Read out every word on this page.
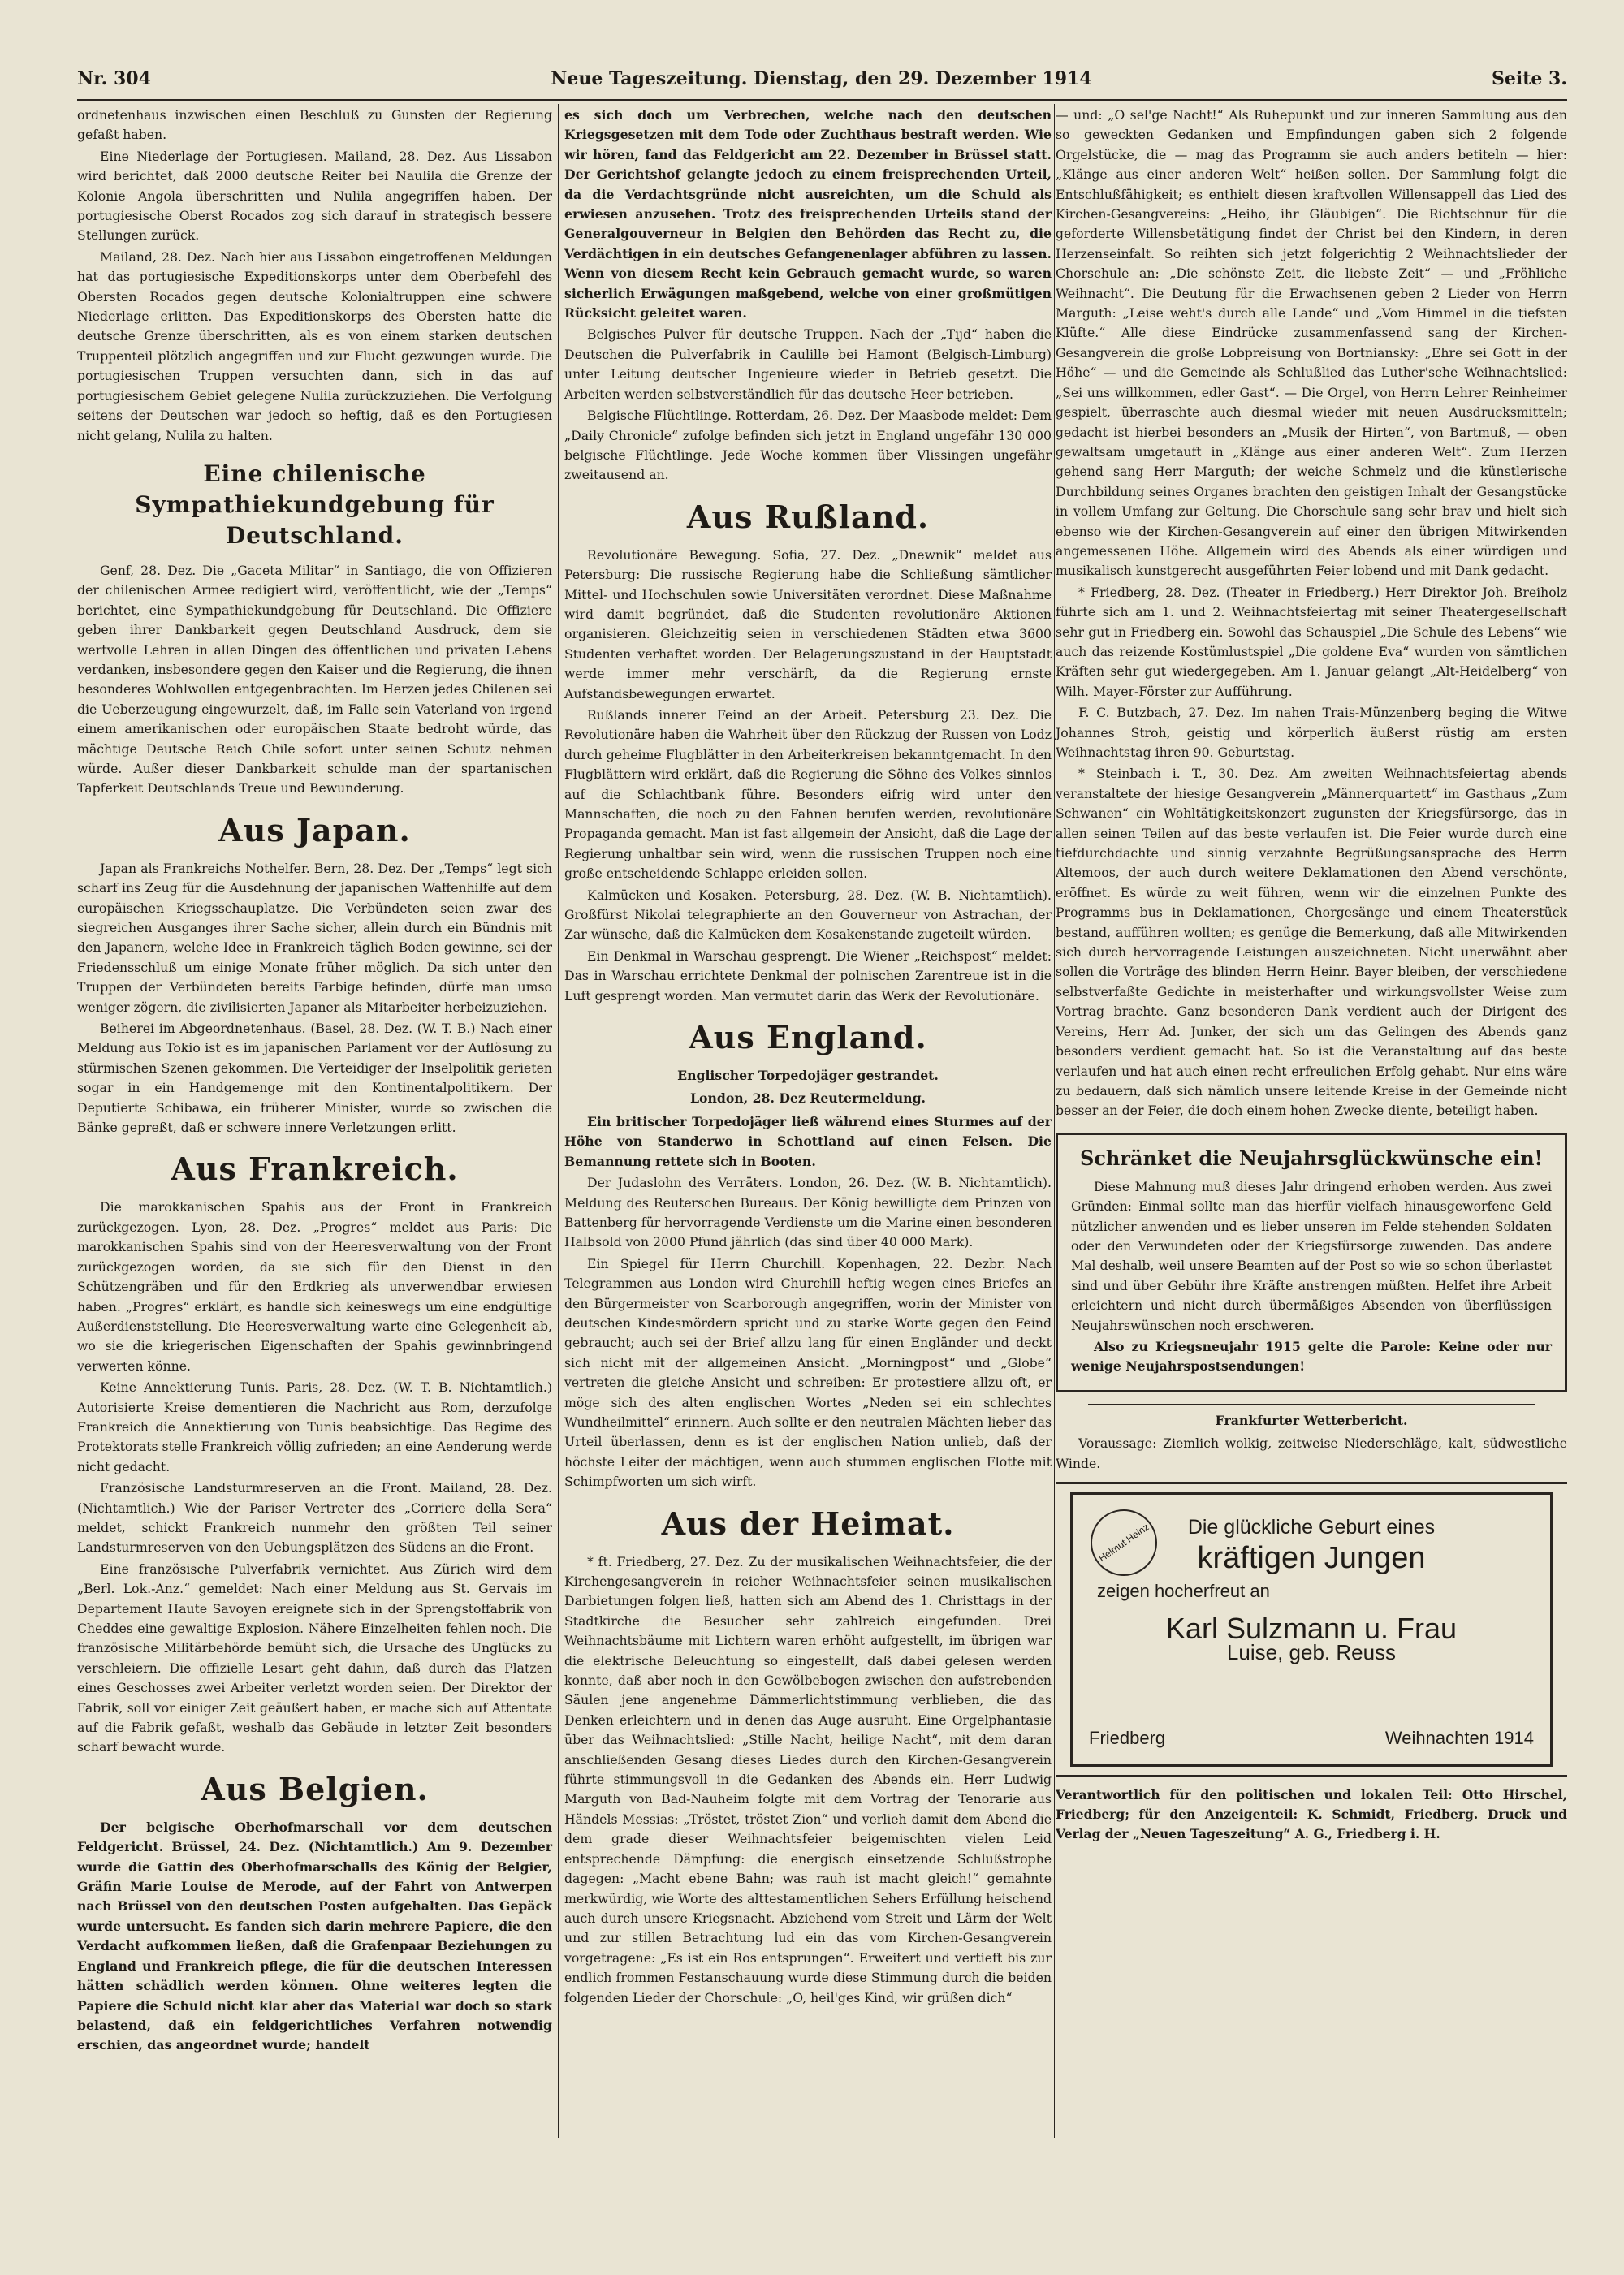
Nr. 304	Neue Tageszeitung. Dienstag, den 29. Dezember 1914	Seite 3.

ordnetenhaus inzwischen einen Beschluß zu Gunsten der Regierung gefaßt haben.

Eine Niederlage der Portugiesen. Mailand, 28. Dez. Aus Lissabon wird berichtet, daß 2000 deutsche Reiter bei Naulila die Grenze der Kolonie Angola überschritten und Nulila angegriffen haben. Der portugiesische Oberst Rocados zog sich darauf in strategisch bessere Stellungen zurück.

Mailand, 28. Dez. Nach hier aus Lissabon eingetroffenen Meldungen hat das portugiesische Expeditionskorps unter dem Oberbefehl des Obersten Rocados gegen deutsche Kolonialtruppen eine schwere Niederlage erlitten. Das Expeditionskorps des Obersten hatte die deutsche Grenze überschritten, als es von einem starken deutschen Truppenteil plötzlich angegriffen und zur Flucht gezwungen wurde. Die portugiesischen Truppen versuchten dann, sich in das auf portugiesischem Gebiet gelegene Nulila zurückzuziehen. Die Verfolgung seitens der Deutschen war jedoch so heftig, daß es den Portugiesen nicht gelang, Nulila zu halten.

Eine chilenische Sympathiekundgebung für Deutschland.

Genf, 28. Dez. Die „Gaceta Militar“ in Santiago, die von Offizieren der chilenischen Armee redigiert wird, veröffentlicht, wie der „Temps“ berichtet, eine Sympathiekundgebung für Deutschland. Die Offiziere geben ihrer Dankbarkeit gegen Deutschland Ausdruck, dem sie wertvolle Lehren in allen Dingen des öffentlichen und privaten Lebens verdanken, insbesondere gegen den Kaiser und die Regierung, die ihnen besonderes Wohlwollen entgegenbrachten. Im Herzen jedes Chilenen sei die Ueberzeugung eingewurzelt, daß, im Falle sein Vaterland von irgend einem amerikanischen oder europäischen Staate bedroht würde, das mächtige Deutsche Reich Chile sofort unter seinen Schutz nehmen würde. Außer dieser Dankbarkeit schulde man der spartanischen Tapferkeit Deutschlands Treue und Bewunderung.

Aus Japan.

Japan als Frankreichs Nothelfer. Bern, 28. Dez. Der „Temps“ legt sich scharf ins Zeug für die Ausdehnung der japanischen Waffenhilfe auf dem europäischen Kriegsschauplatze. Die Verbündeten seien zwar des siegreichen Ausganges ihrer Sache sicher, allein durch ein Bündnis mit den Japanern, welche Idee in Frankreich täglich Boden gewinne, sei der Friedensschluß um einige Monate früher möglich. Da sich unter den Truppen der Verbündeten bereits Farbige befinden, dürfe man umso weniger zögern, die zivilisierten Japaner als Mitarbeiter herbeizuziehen.

Beiherei im Abgeordnetenhaus. (Basel, 28. Dez. (W. T. B.) Nach einer Meldung aus Tokio ist es im japanischen Parlament vor der Auflösung zu stürmischen Szenen gekommen. Die Verteidiger der Inselpolitik gerieten sogar in ein Handgemenge mit den Kontinentalpolitikern. Der Deputierte Schibawa, ein früherer Minister, wurde so zwischen die Bänke gepreßt, daß er schwere innere Verletzungen erlitt.

Aus Frankreich.

Die marokkanischen Spahis aus der Front in Frankreich zurückgezogen. Lyon, 28. Dez. „Progres“ meldet aus Paris: Die marokkanischen Spahis sind von der Heeresverwaltung von der Front zurückgezogen worden, da sie sich für den Dienst in den Schützengräben und für den Erdkrieg als unverwendbar erwiesen haben. „Progres“ erklärt, es handle sich keineswegs um eine endgültige Außerdienststellung. Die Heeresverwaltung warte eine Gelegenheit ab, wo sie die kriegerischen Eigenschaften der Spahis gewinnbringend verwerten könne.

Keine Annektierung Tunis. Paris, 28. Dez. (W. T. B. Nichtamtlich.) Autorisierte Kreise dementieren die Nachricht aus Rom, derzufolge Frankreich die Annektierung von Tunis beabsichtige. Das Regime des Protektorats stelle Frankreich völlig zufrieden; an eine Aenderung werde nicht gedacht.

Französische Landsturmreserven an die Front. Mailand, 28. Dez. (Nichtamtlich.) Wie der Pariser Vertreter des „Corriere della Sera“ meldet, schickt Frankreich nunmehr den größten Teil seiner Landsturmreserven von den Uebungsplätzen des Südens an die Front.

Eine französische Pulverfabrik vernichtet. Aus Zürich wird dem „Berl. Lok.-Anz.“ gemeldet: Nach einer Meldung aus St. Gervais im Departement Haute Savoyen ereignete sich in der Sprengstoffabrik von Cheddes eine gewaltige Explosion. Nähere Einzelheiten fehlen noch. Die französische Militärbehörde bemüht sich, die Ursache des Unglücks zu verschleiern. Die offizielle Lesart geht dahin, daß durch das Platzen eines Geschosses zwei Arbeiter verletzt worden seien. Der Direktor der Fabrik, soll vor einiger Zeit geäußert haben, er mache sich auf Attentate auf die Fabrik gefaßt, weshalb das Gebäude in letzter Zeit besonders scharf bewacht wurde.

Aus Belgien.

Der belgische Oberhofmarschall vor dem deutschen Feldgericht. Brüssel, 24. Dez. (Nichtamtlich.) Am 9. Dezember wurde die Gattin des Oberhofmarschalls des König der Belgier, Gräfin Marie Louise de Merode, auf der Fahrt von Antwerpen nach Brüssel von den deutschen Posten aufgehalten. Das Gepäck wurde untersucht. Es fanden sich darin mehrere Papiere, die den Verdacht aufkommen ließen, daß die Grafenpaar Beziehungen zu England und Frankreich pflege, die für die deutschen Interessen hätten schädlich werden können. Ohne weiteres legten die Papiere die Schuld nicht klar aber das Material war doch so stark belastend, daß ein feldgerichtliches Verfahren notwendig erschien, das angeordnet wurde; handelt

es sich doch um Verbrechen, welche nach den deutschen Kriegsgesetzen mit dem Tode oder Zuchthaus bestraft werden. Wie wir hören, fand das Feldgericht am 22. Dezember in Brüssel statt. Der Gerichtshof gelangte jedoch zu einem freisprechenden Urteil, da die Verdachtsgründe nicht ausreichten, um die Schuld als erwiesen anzusehen. Trotz des freisprechenden Urteils stand der Generalgouverneur in Belgien den Behörden das Recht zu, die Verdächtigen in ein deutsches Gefangenenlager abführen zu lassen. Wenn von diesem Recht kein Gebrauch gemacht wurde, so waren sicherlich Erwägungen maßgebend, welche von einer großmütigen Rücksicht geleitet waren.

Belgisches Pulver für deutsche Truppen. Nach der „Tijd“ haben die Deutschen die Pulverfabrik in Caulille bei Hamont (Belgisch-Limburg) unter Leitung deutscher Ingenieure wieder in Betrieb gesetzt. Die Arbeiten werden selbstverständlich für das deutsche Heer betrieben.

Belgische Flüchtlinge. Rotterdam, 26. Dez. Der Maasbode meldet: Dem „Daily Chronicle“ zufolge befinden sich jetzt in England ungefähr 130 000 belgische Flüchtlinge. Jede Woche kommen über Vlissingen ungefähr zweitausend an.

Aus Rußland.

Revolutionäre Bewegung. Sofia, 27. Dez. „Dnewnik“ meldet aus Petersburg: Die russische Regierung habe die Schließung sämtlicher Mittel- und Hochschulen sowie Universitäten verordnet. Diese Maßnahme wird damit begründet, daß die Studenten revolutionäre Aktionen organisieren. Gleichzeitig seien in verschiedenen Städten etwa 3600 Studenten verhaftet worden. Der Belagerungszustand in der Hauptstadt werde immer mehr verschärft, da die Regierung ernste Aufstandsbewegungen erwartet.

Rußlands innerer Feind an der Arbeit. Petersburg 23. Dez. Die Revolutionäre haben die Wahrheit über den Rückzug der Russen von Lodz durch geheime Flugblätter in den Arbeiterkreisen bekanntgemacht. In den Flugblättern wird erklärt, daß die Regierung die Söhne des Volkes sinnlos auf die Schlachtbank führe. Besonders eifrig wird unter den Mannschaften, die noch zu den Fahnen berufen werden, revolutionäre Propaganda gemacht. Man ist fast allgemein der Ansicht, daß die Lage der Regierung unhaltbar sein wird, wenn die russischen Truppen noch eine große entscheidende Schlappe erleiden sollen.

Kalmücken und Kosaken. Petersburg, 28. Dez. (W. B. Nichtamtlich). Großfürst Nikolai telegraphierte an den Gouverneur von Astrachan, der Zar wünsche, daß die Kalmücken dem Kosakenstande zugeteilt würden.

Ein Denkmal in Warschau gesprengt. Die Wiener „Reichspost“ meldet: Das in Warschau errichtete Denkmal der polnischen Zarentreue ist in die Luft gesprengt worden. Man vermutet darin das Werk der Revolutionäre.

Aus England.
Englischer Torpedojäger gestrandet.
London, 28. Dez Reutermeldung.

Ein britischer Torpedojäger ließ während eines Sturmes auf der Höhe von Standerwo in Schottland auf einen Felsen. Die Bemannung rettete sich in Booten.

Der Judaslohn des Verräters. London, 26. Dez. (W. B. Nichtamtlich). Meldung des Reuterschen Bureaus. Der König bewilligte dem Prinzen von Battenberg für hervorragende Verdienste um die Marine einen besonderen Halbsold von 2000 Pfund jährlich (das sind über 40 000 Mark).

Ein Spiegel für Herrn Churchill. Kopenhagen, 22. Dezbr. Nach Telegrammen aus London wird Churchill heftig wegen eines Briefes an den Bürgermeister von Scarborough angegriffen, worin der Minister von deutschen Kindesmördern spricht und zu starke Worte gegen den Feind gebraucht; auch sei der Brief allzu lang für einen Engländer und deckt sich nicht mit der allgemeinen Ansicht. „Morningpost“ und „Globe“ vertreten die gleiche Ansicht und schreiben: Er protestiere allzu oft, er möge sich des alten englischen Wortes „Neden sei ein schlechtes Wundheilmittel“ erinnern. Auch sollte er den neutralen Mächten lieber das Urteil überlassen, denn es ist der englischen Nation unlieb, daß der höchste Leiter der mächtigen, wenn auch stummen englischen Flotte mit Schimpfworten um sich wirft.

Aus der Heimat.

* ft. Friedberg, 27. Dez. Zu der musikalischen Weihnachtsfeier, die der Kirchengesangverein in reicher Weihnachtsfeier seinen musikalischen Darbietungen folgen ließ, hatten sich am Abend des 1. Christtags in der Stadtkirche die Besucher sehr zahlreich eingefunden. Drei Weihnachtsbäume mit Lichtern waren erhöht aufgestellt, im übrigen war die elektrische Beleuchtung so eingestellt, daß dabei gelesen werden konnte, daß aber noch in den Gewölbebogen zwischen den aufstrebenden Säulen jene angenehme Dämmerlichtstimmung verblieben, die das Denken erleichtern und in denen das Auge ausruht. Eine Orgelphantasie über das Weihnachtslied: „Stille Nacht, heilige Nacht“, mit dem daran anschließenden Gesang dieses Liedes durch den Kirchen-Gesangverein führte stimmungsvoll in die Gedanken des Abends ein. Herr Ludwig Marguth von Bad-Nauheim folgte mit dem Vortrag der Tenorarie aus Händels Messias: „Tröstet, tröstet Zion“ und verlieh damit dem Abend die dem grade dieser Weihnachtsfeier beigemischten vielen Leid entsprechende Dämpfung: die energisch einsetzende Schlußstrophe dagegen: „Macht ebene Bahn; was rauh ist macht gleich!“ gemahnte merkwürdig, wie Worte des alttestamentlichen Sehers Erfüllung heischend auch durch unsere Kriegsnacht. Abziehend vom Streit und Lärm der Welt und zur stillen Betrachtung lud ein das vom Kirchen-Gesangverein vorgetragene: „Es ist ein Ros entsprungen“. Erweitert und vertieft bis zur endlich frommen Festanschauung wurde diese Stimmung durch die beiden folgenden Lieder der Chorschule: „O, heil'ges Kind, wir grüßen dich“

— und: „O sel'ge Nacht!“ Als Ruhepunkt und zur inneren Sammlung aus den so geweckten Gedanken und Empfindungen gaben sich 2 folgende Orgelstücke, die — mag das Programm sie auch anders betiteln — hier: „Klänge aus einer anderen Welt“ heißen sollen. Der Sammlung folgt die Entschlußfähigkeit; es enthielt diesen kraftvollen Willensappell das Lied des Kirchen-Gesangvereins: „Heiho, ihr Gläubigen“. Die Richtschnur für die geforderte Willensbetätigung findet der Christ bei den Kindern, in deren Herzenseinfalt. So reihten sich jetzt folgerichtig 2 Weihnachtslieder der Chorschule an: „Die schönste Zeit, die liebste Zeit“ — und „Fröhliche Weihnacht“. Die Deutung für die Erwachsenen geben 2 Lieder von Herrn Marguth: „Leise weht's durch alle Lande“ und „Vom Himmel in die tiefsten Klüfte.“ Alle diese Eindrücke zusammenfassend sang der Kirchen-Gesangverein die große Lobpreisung von Bortniansky: „Ehre sei Gott in der Höhe“ — und die Gemeinde als Schlußlied das Luther'sche Weihnachtslied: „Sei uns willkommen, edler Gast“. — Die Orgel, von Herrn Lehrer Reinheimer gespielt, überraschte auch diesmal wieder mit neuen Ausdrucksmitteln; gedacht ist hierbei besonders an „Musik der Hirten“, von Bartmuß, — oben gewaltsam umgetauft in „Klänge aus einer anderen Welt“. Zum Herzen gehend sang Herr Marguth; der weiche Schmelz und die künstlerische Durchbildung seines Organes brachten den geistigen Inhalt der Gesangstücke in vollem Umfang zur Geltung. Die Chorschule sang sehr brav und hielt sich ebenso wie der Kirchen-Gesangverein auf einer den übrigen Mitwirkenden angemessenen Höhe. Allgemein wird des Abends als einer würdigen und musikalisch kunstgerecht ausgeführten Feier lobend und mit Dank gedacht.

* Friedberg, 28. Dez. (Theater in Friedberg.) Herr Direktor Joh. Breiholz führte sich am 1. und 2. Weihnachtsfeiertag mit seiner Theatergesellschaft sehr gut in Friedberg ein. Sowohl das Schauspiel „Die Schule des Lebens“ wie auch das reizende Kostümlustspiel „Die goldene Eva“ wurden von sämtlichen Kräften sehr gut wiedergegeben. Am 1. Januar gelangt „Alt-Heidelberg“ von Wilh. Mayer-Förster zur Aufführung.

F. C. Butzbach, 27. Dez. Im nahen Trais-Münzenberg beging die Witwe Johannes Stroh, geistig und körperlich äußerst rüstig am ersten Weihnachtstag ihren 90. Geburtstag.

* Steinbach i. T., 30. Dez. Am zweiten Weihnachtsfeiertag abends veranstaltete der hiesige Gesangverein „Männerquartett“ im Gasthaus „Zum Schwanen“ ein Wohltätigkeitskonzert zugunsten der Kriegsfürsorge, das in allen seinen Teilen auf das beste verlaufen ist. Die Feier wurde durch eine tiefdurchdachte und sinnig verzahnte Begrüßungsansprache des Herrn Altemoos, der auch durch weitere Deklamationen den Abend verschönte, eröffnet. Es würde zu weit führen, wenn wir die einzelnen Punkte des Programms bus in Deklamationen, Chorgesänge und einem Theaterstück bestand, aufführen wollten; es genüge die Bemerkung, daß alle Mitwirkenden sich durch hervorragende Leistungen auszeichneten. Nicht unerwähnt aber sollen die Vorträge des blinden Herrn Heinr. Bayer bleiben, der verschiedene selbstverfaßte Gedichte in meisterhafter und wirkungsvollster Weise zum Vortrag brachte. Ganz besonderen Dank verdient auch der Dirigent des Vereins, Herr Ad. Junker, der sich um das Gelingen des Abends ganz besonders verdient gemacht hat. So ist die Veranstaltung auf das beste verlaufen und hat auch einen recht erfreulichen Erfolg gehabt. Nur eins wäre zu bedauern, daß sich nämlich unsere leitende Kreise in der Gemeinde nicht besser an der Feier, die doch einem hohen Zwecke diente, beteiligt haben.

Schränket die Neujahrsglückwünsche ein!

Diese Mahnung muß dieses Jahr dringend erhoben werden. Aus zwei Gründen: Einmal sollte man das hierfür vielfach hinausgeworfene Geld nützlicher anwenden und es lieber unseren im Felde stehenden Soldaten oder den Verwundeten oder der Kriegsfürsorge zuwenden. Das andere Mal deshalb, weil unsere Beamten auf der Post so wie so schon überlastet sind und über Gebühr ihre Kräfte anstrengen müßten. Helfet ihre Arbeit erleichtern und nicht durch übermäßiges Absenden von überflüssigen Neujahrswünschen noch erschweren.

Also zu Kriegsneujahr 1915 gelte die Parole: Keine oder nur wenige Neujahrspostsendungen!

Frankfurter Wetterbericht.

Voraussage: Ziemlich wolkig, zeitweise Niederschläge, kalt, südwestliche Winde.

Helmut Heinz	Die glückliche Geburt eines
kräftigen Jungen
zeigen hocherfreut an
Karl Sulzmann u. Frau
Luise, geb. Reuss
Friedberg	Weihnachten 1914
Verantwortlich für den politischen und lokalen Teil: Otto Hirschel, Friedberg; für den Anzeigenteil: K. Schmidt, Friedberg. Druck und Verlag der „Neuen Tageszeitung“ A. G., Friedberg i. H.
